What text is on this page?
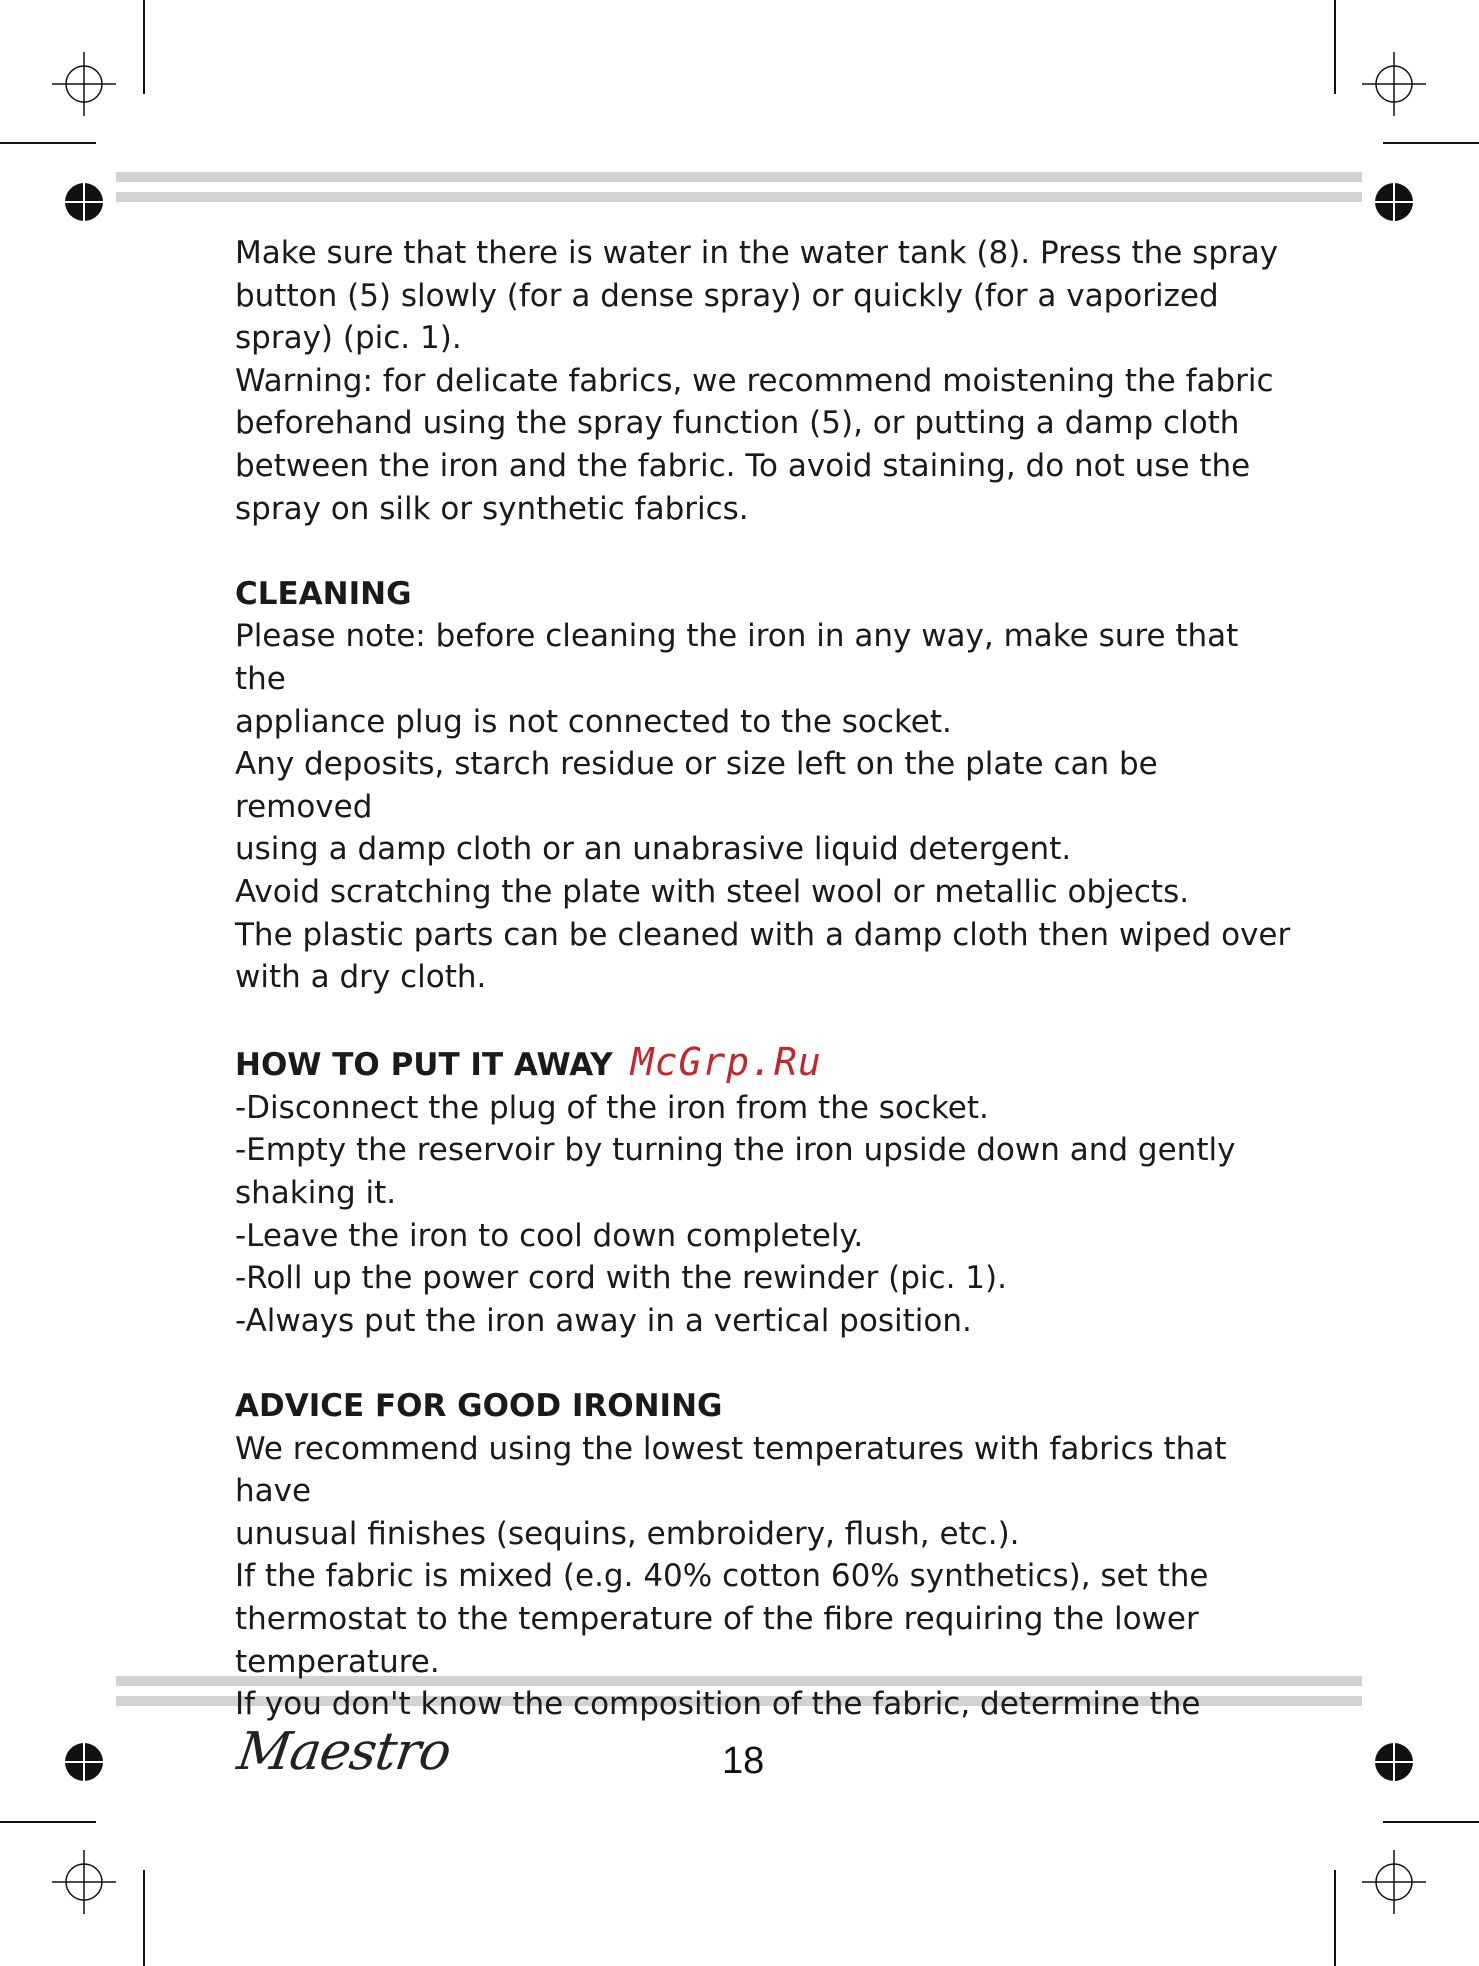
Make sure that there is water in the water tank (8). Press the spray

button (5) slowly (for a dense spray) or quickly (for a vaporized

spray) (pic. 1).

Warning: for delicate fabrics, we recommend moistening the fabric

beforehand using the spray function (5), or putting a damp cloth

between the iron and the fabric. To avoid staining, do not use the

spray on silk or synthetic fabrics.

CLEANING

Please note: before cleaning the iron in any way, make sure that the

appliance plug is not connected to the socket.

Any deposits, starch residue or size left on the plate can be removed

using a damp cloth or an unabrasive liquid detergent.

Avoid scratching the plate with steel wool or metallic objects.

The plastic parts can be cleaned with a damp cloth then wiped over

with a dry cloth.

HOW TO PUT IT AWAY McGrp.Ru

-Disconnect the plug of the iron from the socket.

-Empty the reservoir by turning the iron upside down and gently

shaking it.

-Leave the iron to cool down completely.

-Roll up the power cord with the rewinder (pic. 1).

-Always put the iron away in a vertical position.

ADVICE FOR GOOD IRONING

We recommend using the lowest temperatures with fabrics that have

unusual finishes (sequins, embroidery, flush, etc.).

If the fabric is mixed (e.g. 40% cotton 60% synthetics), set the

thermostat to the temperature of the fibre requiring the lower

temperature.

If you don't know the composition of the fabric, determine the

Maestro	18
